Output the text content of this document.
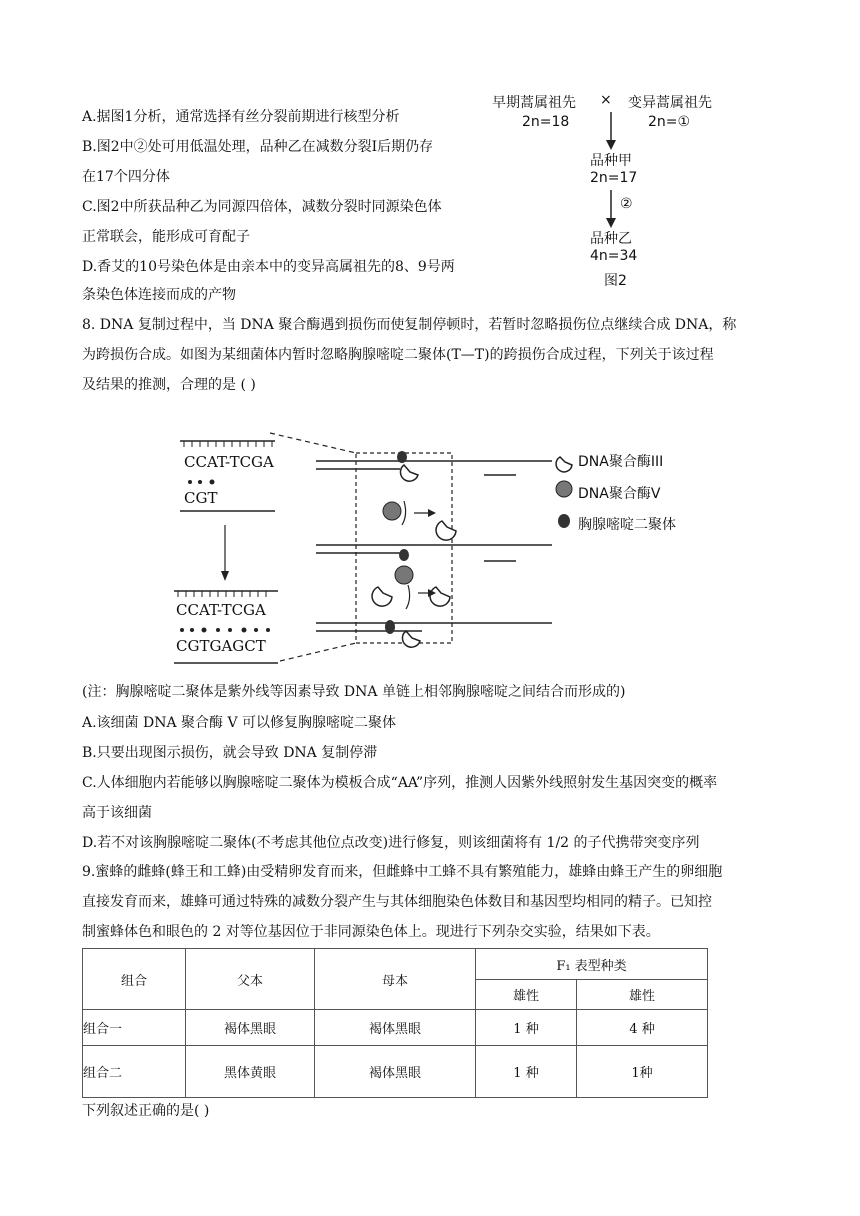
A.据图1分析，通常选择有丝分裂前期进行核型分析
B.图2中②处可用低温处理，品种乙在减数分裂Ⅰ后期仍存
在17个四分体
C.图2中所获品种乙为同源四倍体，减数分裂时同源染色体
正常联会，能形成可育配子
D.香艾的10号染色体是由亲本中的变异高属祖先的8、9号两
条染色体连接而成的产物
早期蒿属祖先
2n=18
× 变异蒿属祖先
2n=①
品种甲
2n=17
②
品种乙
4n=34
图2
8. DNA 复制过程中，当 DNA 聚合酶遇到损伤而使复制停顿时，若暂时忽略损伤位点继续合成 DNA，称
为跨损伤合成。如图为某细菌体内暂时忽略胸腺嘧啶二聚体(T—T)的跨损伤合成过程，下列关于该过程
及结果的推测，合理的是 ( )
CCAT-TCGA
CGT
CCAT-TCGA
CGTGAGCT
DNA聚合酶III
DNA聚合酶V
胸腺嘧啶二聚体
(注：胸腺嘧啶二聚体是紫外线等因素导致 DNA 单链上相邻胸腺嘧啶之间结合而形成的)
A.该细菌 DNA 聚合酶 V 可以修复胸腺嘧啶二聚体
B.只要出现图示损伤，就会导致 DNA 复制停滞
C.人体细胞内若能够以胸腺嘧啶二聚体为模板合成“AA”序列，推测人因紫外线照射发生基因突变的概率
高于该细菌
D.若不对该胸腺嘧啶二聚体(不考虑其他位点改变)进行修复，则该细菌将有 1/2 的子代携带突变序列
9.蜜蜂的雌蜂(蜂王和工蜂)由受精卵发育而来，但雌蜂中工蜂不具有繁殖能力，雄蜂由蜂王产生的卵细胞
直接发育而来，雄蜂可通过特殊的减数分裂产生与其体细胞染色体数目和基因型均相同的精子。已知控
制蜜蜂体色和眼色的 2 对等位基因位于非同源染色体上。现进行下列杂交实验，结果如下表。
组合	父本	母本	F₁ 表型种类	
			雄性	雄性
组合一	褐体黑眼	褐体黑眼	1 种	4 种
组合二	黑体黄眼	褐体黑眼	1 种	1种
下列叙述正确的是( )
